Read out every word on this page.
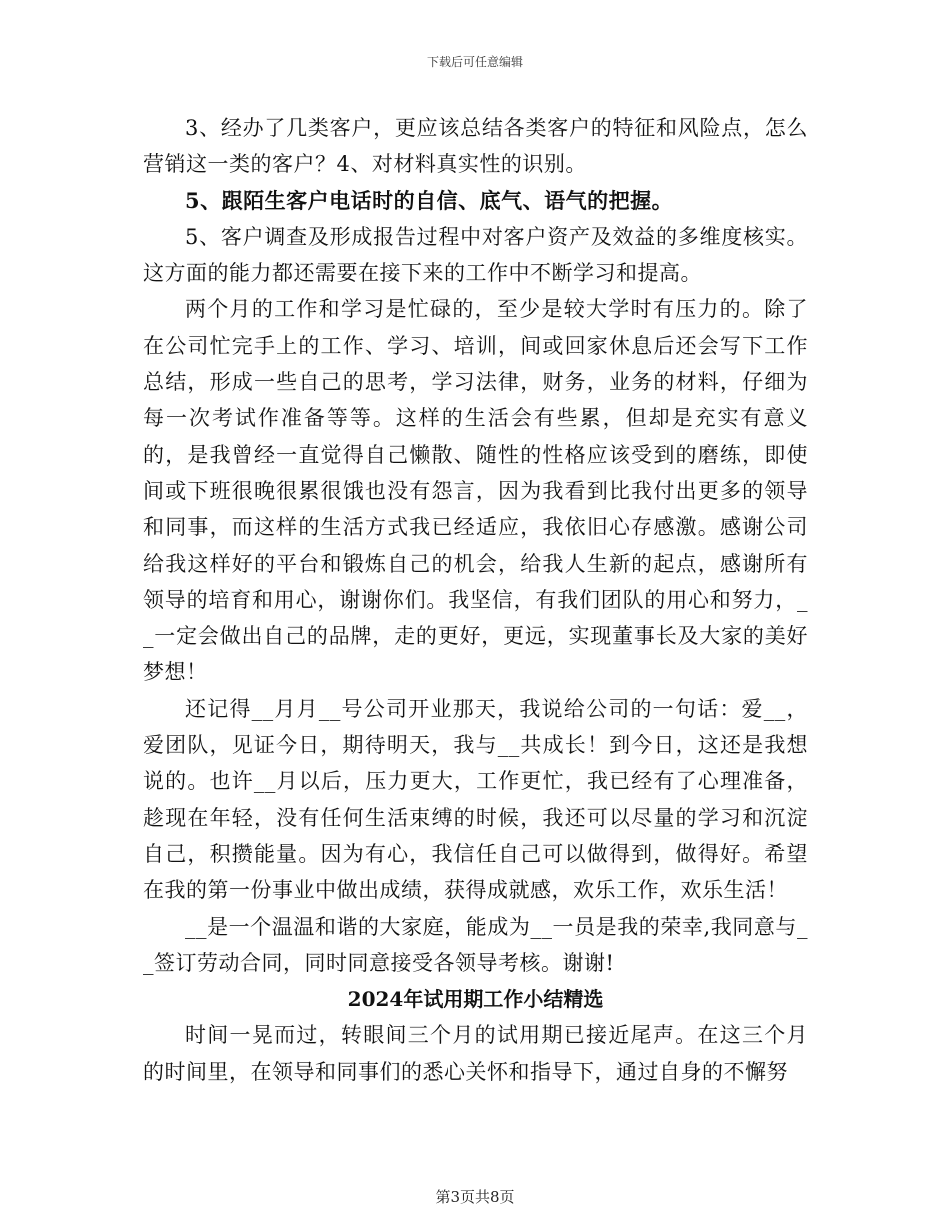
下载后可任意编辑

3、经办了几类客户，更应该总结各类客户的特征和风险点，怎么营销这一类的客户？4、对材料真实性的识别。

5、跟陌生客户电话时的自信、底气、语气的把握。

5、客户调查及形成报告过程中对客户资产及效益的多维度核实。这方面的能力都还需要在接下来的工作中不断学习和提高。

两个月的工作和学习是忙碌的，至少是较大学时有压力的。除了在公司忙完手上的工作、学习、培训，间或回家休息后还会写下工作总结，形成一些自己的思考，学习法律，财务，业务的材料，仔细为每一次考试作准备等等。这样的生活会有些累，但却是充实有意义的，是我曾经一直觉得自己懒散、随性的性格应该受到的磨练，即使间或下班很晚很累很饿也没有怨言，因为我看到比我付出更多的领导和同事，而这样的生活方式我已经适应，我依旧心存感激。感谢公司给我这样好的平台和锻炼自己的机会，给我人生新的起点，感谢所有领导的培育和用心，谢谢你们。我坚信，有我们团队的用心和努力，__一定会做出自己的品牌，走的更好，更远，实现董事长及大家的美好梦想！

还记得__月月__号公司开业那天，我说给公司的一句话：爱__，爱团队，见证今日，期待明天，我与__共成长！到今日，这还是我想说的。也许__月以后，压力更大，工作更忙，我已经有了心理准备，趁现在年轻，没有任何生活束缚的时候，我还可以尽量的学习和沉淀自己，积攒能量。因为有心，我信任自己可以做得到，做得好。希望在我的第一份事业中做出成绩，获得成就感，欢乐工作，欢乐生活！

__是一个温温和谐的大家庭，能成为__一员是我的荣幸,我同意与__签订劳动合同，同时同意接受各领导考核。谢谢!

2024年试用期工作小结精选

时间一晃而过，转眼间三个月的试用期已接近尾声。在这三个月的时间里，在领导和同事们的悉心关怀和指导下，通过自身的不懈努

第3页共8页
